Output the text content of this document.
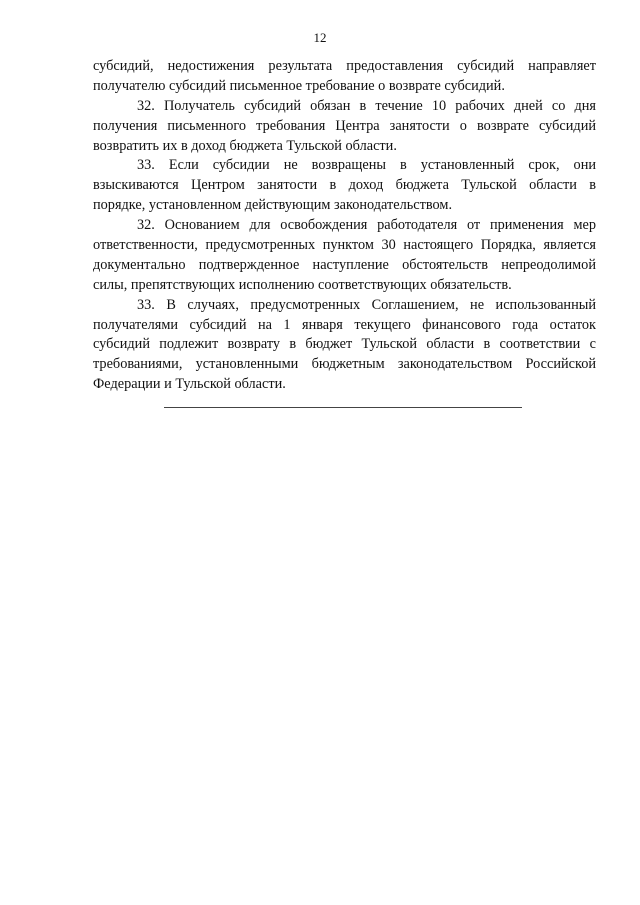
12
субсидий, недостижения результата предоставления субсидий направляет
получателю субсидий письменное требование о возврате субсидий.
32. Получатель субсидий обязан в течение 10 рабочих дней со дня
получения письменного требования Центра занятости о возврате субсидий
возвратить их в доход бюджета Тульской области.
33. Если субсидии не возвращены в установленный срок, они
взыскиваются Центром занятости в доход бюджета Тульской области в
порядке, установленном действующим законодательством.
32. Основанием для освобождения работодателя от применения мер
ответственности, предусмотренных пунктом 30 настоящего Порядка, является
документально подтвержденное наступление обстоятельств непреодолимой
силы, препятствующих исполнению соответствующих обязательств.
33. В случаях, предусмотренных Соглашением, не использованный
получателями субсидий на 1 января текущего финансового года остаток
субсидий подлежит возврату в бюджет Тульской области в соответствии с
требованиями, установленными бюджетным законодательством Российской
Федерации и Тульской области.
